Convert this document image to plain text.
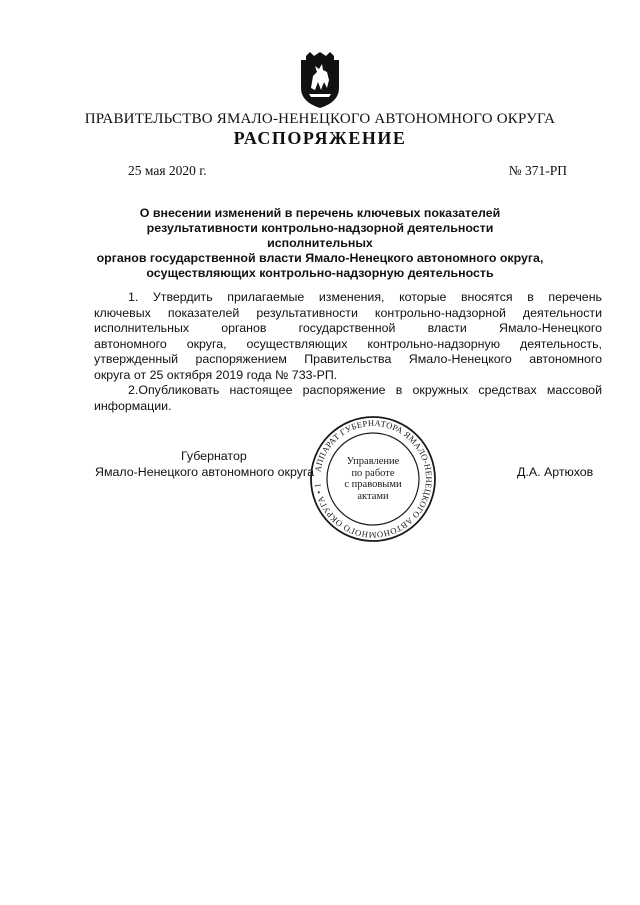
ПРАВИТЕЛЬСТВО ЯМАЛО-НЕНЕЦКОГО АВТОНОМНОГО ОКРУГА
РАСПОРЯЖЕНИЕ
25 мая 2020 г.	№ 371-РП
О внесении изменений в перечень ключевых показателей
результативности контрольно-надзорной деятельности исполнительных
органов государственной власти Ямало-Ненецкого автономного округа,
осуществляющих контрольно-надзорную деятельность
1. Утвердить прилагаемые изменения, которые вносятся в перечень
ключевых показателей результативности контрольно-надзорной деятельности
исполнительных органов государственной власти Ямало-Ненецкого
автономного округа, осуществляющих контрольно-надзорную деятельность,
утвержденный распоряжением Правительства Ямало-Ненецкого автономного
округа от 25 октября 2019 года № 733-РП.
2.Опубликовать настоящее распоряжение в окружных средствах массовой
информации.
Губернатор
Ямало-Ненецкого автономного округа	Д.А. Артюхов
АППАРАТ ГУБЕРНАТОРА ЯМАЛО-НЕНЕЦКОГО АВТОНОМНОГО ОКРУГА • 1
Управление
по работе
с правовыми
актами
